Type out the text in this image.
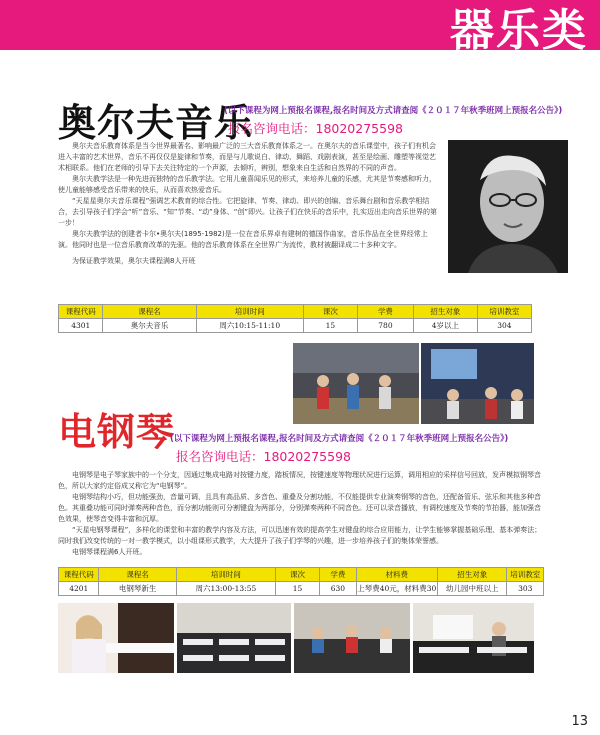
器乐类
奥尔夫音乐
(以下课程为网上预报名课程,报名时间及方式请查阅《２０１７年秋季班网上预报名公告》)
报名咨询电话：18020275598

奥尔夫音乐教育体系是当今世界最著名、影响最广泛的三大音乐教育体系之一。在奥尔夫的音乐课堂中，孩子们有机会进入丰富的艺术世界，音乐不再仅仅是旋律和节奏，而是与儿歌说白、律动、舞蹈、戏剧表演，甚至是绘画、雕塑等视觉艺术相联系。他们在老师的引导下去关注特定的一个声源，去倾听，辨别，想象来自生活和自然界的不同的声音。

奥尔夫教学法是一种先进而独特的音乐教学法。它用儿童喜闻乐见的形式，来培养儿童的乐感，尤其是节奏感和听力，使儿童能够感受音乐带来的快乐，从而喜欢热爱音乐。

“天星星奥尔夫音乐课程”强调艺术教育的综合性。它把旋律、节奏、律动、即兴的创编、音乐舞台剧和音乐教学相结合，去引导孩子们学会“听”音乐、“知”节奏、“动”身体、“创”即兴。让孩子们在快乐的音乐中，扎实迈出走向音乐世界的第一步！

奥尔夫教学法的创建者卡尔•奥尔夫(1895-1982)是一位在音乐界卓有建树的德国作曲家，音乐作品在全世界经常上演。他同时也是一位音乐教育改革的先驱。他的音乐教育体系在全世界广为流传，教材被翻译成二十多种文字。

为保证教学效果，奥尔夫课程满8人开班

课程代码	课程名	培训时间	课次	学费	招生对象	培训教室
4301	奥尔夫音乐	周六10:15-11:10	15	780	4岁以上	304
电钢琴
(以下课程为网上预报名课程,报名时间及方式请查阅《２０１７年秋季班网上预报名公告》)
报名咨询电话：18020275598

电钢琴是电子琴家族中的一个分支，因通过集成电路对按键力度，踏板情况，按键速度等物理状况进行运算，调用相应的采样信号回放，发声模拟钢琴音色，所以大家约定俗成又称它为“电钢琴”。

电钢琴结构小巧，但功能强劲，音量可调，且具有高品质、多音色、重叠及分割功能，不仅能提供专业演奏钢琴的音色，还配备管乐、弦乐和其他多种音色。其重叠功能可同时弹奏两种音色，而分割功能则可分割键盘为两部分，分别弹奏两种不同音色。还可以录音播放，有调校速度及节奏的节拍器，能加强音色效果，使琴音变得丰富和沉厚。

“天星电钢琴课程”，多样化的课堂和丰富的教学内容及方法，可以迅速有效的提高学生对键盘的综合应用能力，让学生能够掌握基础乐理、基本弹奏法；同时我们改变传统的一对一教学模式，以小组课形式教学，大大提升了孩子们学琴的兴趣，进一步培养孩子们的集体荣誉感。

电钢琴课程满6人开班。

课程代码	课程名	培训时间	课次	学费	材料费	招生对象	培训教室
4201	电钢琴新生	周六13:00-13:55	15	630	上琴费40元，材料费30	幼儿园中班以上	303
13
